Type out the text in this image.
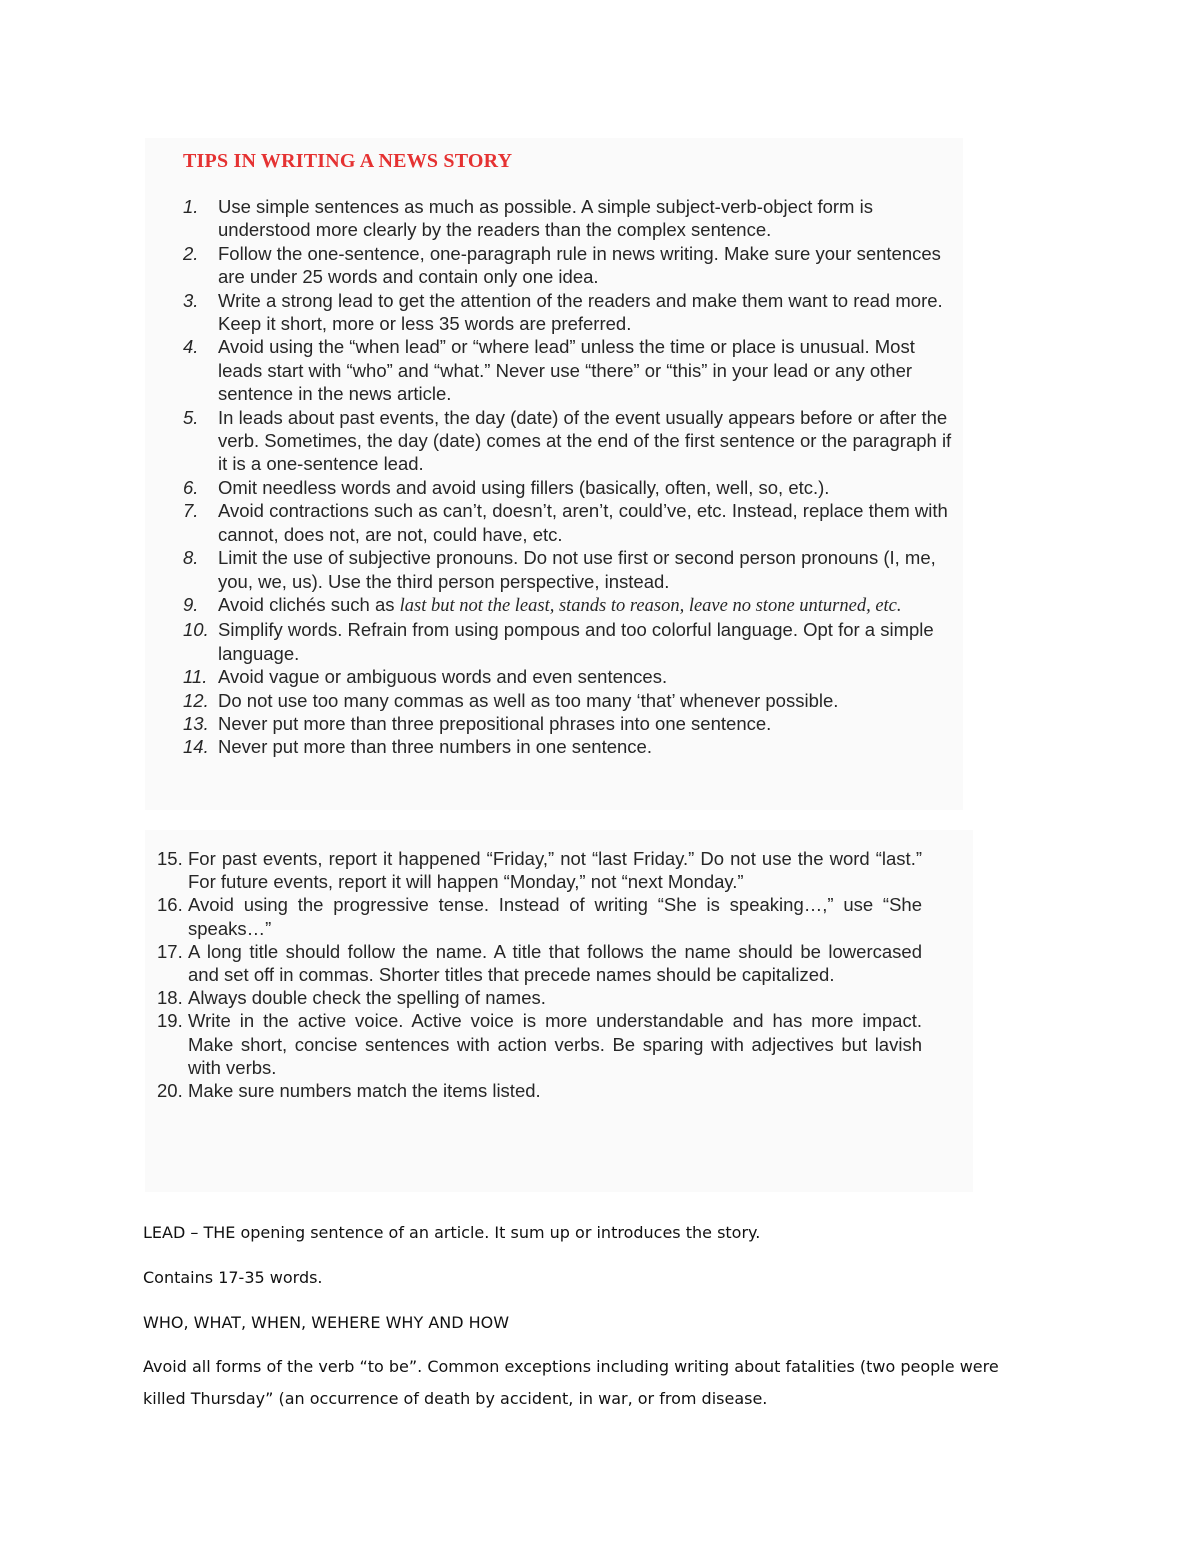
TIPS IN WRITING A NEWS STORY
1. Use simple sentences as much as possible. A simple subject-verb-object form is understood more clearly by the readers than the complex sentence.
2. Follow the one-sentence, one-paragraph rule in news writing. Make sure your sentences are under 25 words and contain only one idea.
3. Write a strong lead to get the attention of the readers and make them want to read more. Keep it short, more or less 35 words are preferred.
4. Avoid using the “when lead” or “where lead” unless the time or place is unusual. Most leads start with “who” and “what.” Never use “there” or “this” in your lead or any other sentence in the news article.
5. In leads about past events, the day (date) of the event usually appears before or after the verb. Sometimes, the day (date) comes at the end of the first sentence or the paragraph if it is a one-sentence lead.
6. Omit needless words and avoid using fillers (basically, often, well, so, etc.).
7. Avoid contractions such as can’t, doesn’t, aren’t, could’ve, etc. Instead, replace them with cannot, does not, are not, could have, etc.
8. Limit the use of subjective pronouns. Do not use first or second person pronouns (I, me, you, we, us). Use the third person perspective, instead.
9. Avoid clichés such as last but not the least, stands to reason, leave no stone unturned, etc.
10. Simplify words. Refrain from using pompous and too colorful language. Opt for a simple language.
11. Avoid vague or ambiguous words and even sentences.
12. Do not use too many commas as well as too many ‘that’ whenever possible.
13. Never put more than three prepositional phrases into one sentence.
14. Never put more than three numbers in one sentence.
15. For past events, report it happened “Friday,” not “last Friday.” Do not use the word “last.” For future events, report it will happen “Monday,” not “next Monday.”
16. Avoid using the progressive tense. Instead of writing “She is speaking…,” use “She speaks…”
17. A long title should follow the name. A title that follows the name should be lowercased and set off in commas. Shorter titles that precede names should be capitalized.
18. Always double check the spelling of names.
19. Write in the active voice. Active voice is more understandable and has more impact. Make short, concise sentences with action verbs. Be sparing with adjectives but lavish with verbs.
20. Make sure numbers match the items listed.

LEAD – THE opening sentence of an article. It sum up or introduces the story.

Contains 17-35 words.

WHO, WHAT, WHEN, WEHERE WHY AND HOW

Avoid all forms of the verb “to be”. Common exceptions including writing about fatalities (two people were killed Thursday” (an occurrence of death by accident, in war, or from disease.
